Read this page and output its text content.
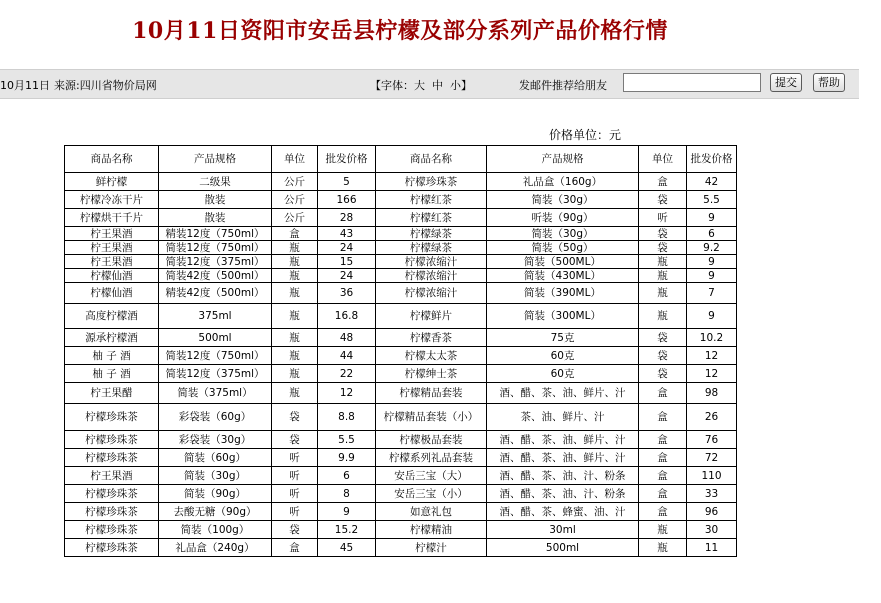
10月11日资阳市安岳县柠檬及部分系列产品价格行情
10月11日 来源:四川省物价局网	【字体：大 中 小】	发邮件推荐给朋友	提交	帮助
价格单位：元
商品名称	产品规格	单位	批发价格	商品名称	产品规格	单位	批发价格
鲜柠檬	二级果	公斤	5	柠檬珍珠茶	礼品盒（160g）	盒	42
柠檬冷冻干片	散装	公斤	166	柠檬红茶	简装（30g）	袋	5.5
柠檬烘干千片	散装	公斤	28	柠檬红茶	听装（90g）	听	9
柠王果酒	精装12度（750ml）	盒	43	柠檬绿茶	简装（30g）	袋	6
柠王果酒	简装12度（750ml）	瓶	24	柠檬绿茶	简装（50g）	袋	9.2
柠王果酒	简装12度（375ml）	瓶	15	柠檬浓缩汁	简装（500ML）	瓶	9
柠檬仙酒	简装42度（500ml）	瓶	24	柠檬浓缩汁	简装（430ML）	瓶	9
柠檬仙酒	精装42度（500ml）	瓶	36	柠檬浓缩汁	简装（390ML）	瓶	7
高度柠檬酒	375ml	瓶	16.8	柠檬鲜片	简装（300ML）	瓶	9
源承柠檬酒	500ml	瓶	48	柠檬香茶	75克	袋	10.2
柚 子 酒	简装12度（750ml）	瓶	44	柠檬太太茶	60克	袋	12
柚 子 酒	简装12度（375ml）	瓶	22	柠檬绅士茶	60克	袋	12
柠王果醋	简装（375ml）	瓶	12	柠檬精品套装	酒、醋、茶、油、鲜片、汁	盒	98
柠檬珍珠茶	彩袋装（60g）	袋	8.8	柠檬精品套装（小）	茶、油、鲜片、汁	盒	26
柠檬珍珠茶	彩袋装（30g）	袋	5.5	柠檬极品套装	酒、醋、茶、油、鲜片、汁	盒	76
柠檬珍珠茶	简装（60g）	听	9.9	柠檬系列礼品套装	酒、醋、茶、油、鲜片、汁	盒	72
柠王果酒	简装（30g）	听	6	安岳三宝（大）	酒、醋、茶、油、汁、粉条	盒	110
柠檬珍珠茶	简装（90g）	听	8	安岳三宝（小）	酒、醋、茶、油、汁、粉条	盒	33
柠檬珍珠茶	去酸无糖（90g）	听	9	如意礼包	酒、醋、茶、蜂蜜、油、汁	盒	96
柠檬珍珠茶	简装（100g）	袋	15.2	柠檬精油	30ml	瓶	30
柠檬珍珠茶	礼品盒（240g）	盒	45	柠檬汁	500ml	瓶	11
